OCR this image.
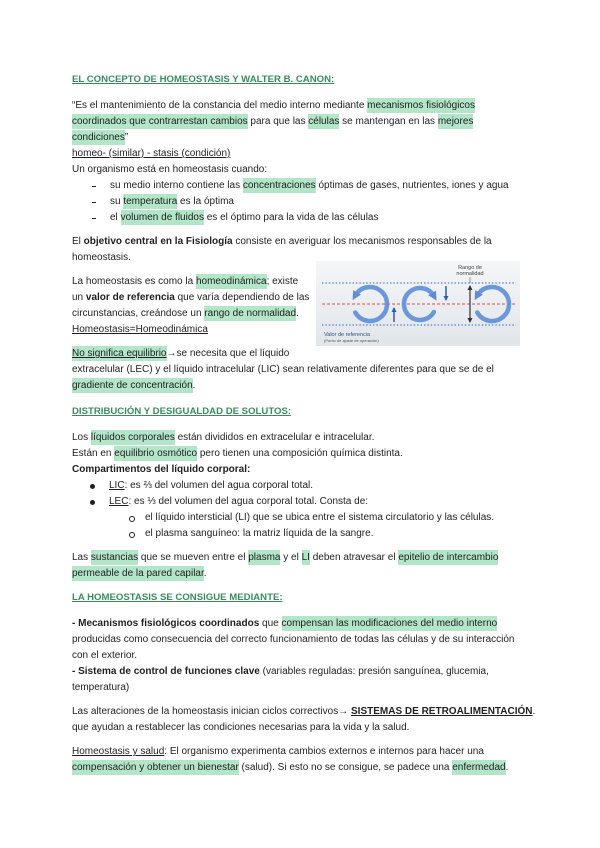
EL CONCEPTO DE HOMEOSTASIS Y WALTER B. CANON:
“Es el mantenimiento de la constancia del medio interno mediante mecanismos fisiológicos
coordinados que contrarrestan cambios para que las células se mantengan en las mejores
condiciones”
homeo- (similar) - stasis (condición)
Un organismo está en homeostasis cuando:
su medio interno contiene las concentraciones óptimas de gases, nutrientes, iones y agua
su temperatura es la óptima
el volumen de fluidos es el óptimo para la vida de las células
El objetivo central en la Fisiología consiste en averiguar los mecanismos responsables de la
homeostasis.
La homeostasis es como la homeodinámica; existe
un valor de referencia que varía dependiendo de las
circunstancias, creándose un rango de normalidad.
Homeostasis=Homeodinámica
Rango de
normalidad
Valor de referencia
(Punto de ajuste de operación)
No significa equilibrio→se necesita que el líquido
extracelular (LEC) y el líquido intracelular (LIC) sean relativamente diferentes para que se de el
gradiente de concentración.
DISTRIBUCIÓN Y DESIGUALDAD DE SOLUTOS:
Los líquidos corporales están divididos en extracelular e intracelular.
Están en equilibrio osmótico pero tienen una composición química distinta.
Compartimentos del líquido corporal:
LIC: es ⅔ del volumen del agua corporal total.
LEC: es ⅓ del volumen del agua corporal total. Consta de:
el líquido intersticial (LI) que se ubica entre el sistema circulatorio y las células.
el plasma sanguíneo: la matriz líquida de la sangre.
Las sustancias que se mueven entre el plasma y el LI deben atravesar el epitelio de intercambio
permeable de la pared capilar.
LA HOMEOSTASIS SE CONSIGUE MEDIANTE:
- Mecanismos fisiológicos coordinados que compensan las modificaciones del medio interno
producidas como consecuencia del correcto funcionamiento de todas las células y de su interacción
con el exterior.
- Sistema de control de funciones clave (variables reguladas: presión sanguínea, glucemia,
temperatura)
Las alteraciones de la homeostasis inician ciclos correctivos→ SISTEMAS DE RETROALIMENTACIÓN.
que ayudan a restablecer las condiciones necesarias para la vida y la salud.
Homeostasis y salud: El organismo experimenta cambios externos e internos para hacer una
compensación y obtener un bienestar (salud). Si esto no se consigue, se padece una enfermedad.
